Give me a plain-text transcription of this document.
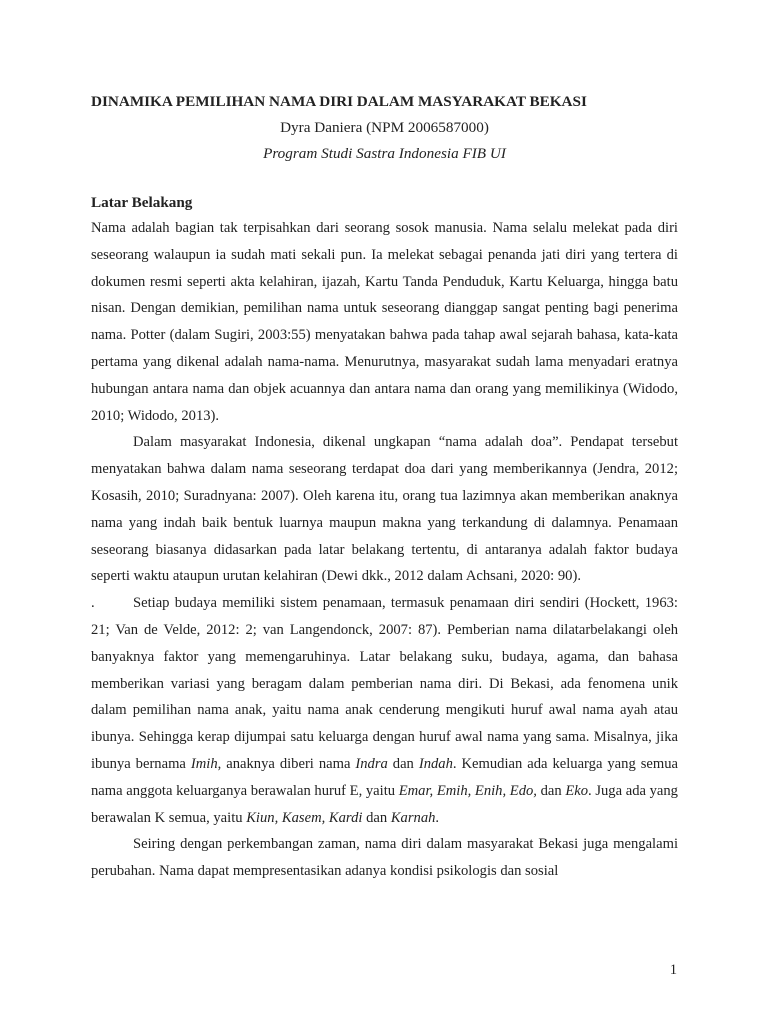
DINAMIKA PEMILIHAN NAMA DIRI DALAM MASYARAKAT BEKASI

Dyra Daniera (NPM 2006587000)

Program Studi Sastra Indonesia FIB UI

Latar Belakang

Nama adalah bagian tak terpisahkan dari seorang sosok manusia. Nama selalu melekat pada diri seseorang walaupun ia sudah mati sekali pun. Ia melekat sebagai penanda jati diri yang tertera di dokumen resmi seperti akta kelahiran, ijazah, Kartu Tanda Penduduk, Kartu Keluarga, hingga batu nisan. Dengan demikian, pemilihan nama untuk seseorang dianggap sangat penting bagi penerima nama. Potter (dalam Sugiri, 2003:55) menyatakan bahwa pada tahap awal sejarah bahasa, kata-kata pertama yang dikenal adalah nama-nama. Menurutnya, masyarakat sudah lama menyadari eratnya hubungan antara nama dan objek acuannya dan antara nama dan orang yang memilikinya (Widodo, 2010; Widodo, 2013).

Dalam masyarakat Indonesia, dikenal ungkapan “nama adalah doa”. Pendapat tersebut menyatakan bahwa dalam nama seseorang terdapat doa dari yang memberikannya (Jendra, 2012; Kosasih, 2010; Suradnyana: 2007). Oleh karena itu, orang tua lazimnya akan memberikan anaknya nama yang indah baik bentuk luarnya maupun makna yang terkandung di dalamnya. Penamaan seseorang biasanya didasarkan pada latar belakang tertentu, di antaranya adalah faktor budaya seperti waktu ataupun urutan kelahiran (Dewi dkk., 2012 dalam Achsani, 2020: 90).

.	Setiap budaya memiliki sistem penamaan, termasuk penamaan diri sendiri (Hockett, 1963: 21; Van de Velde, 2012: 2; van Langendonck, 2007: 87). Pemberian nama dilatarbelakangi oleh banyaknya faktor yang memengaruhinya. Latar belakang suku, budaya, agama, dan bahasa memberikan variasi yang beragam dalam pemberian nama diri. Di Bekasi, ada fenomena unik dalam pemilihan nama anak, yaitu nama anak cenderung mengikuti huruf awal nama ayah atau ibunya. Sehingga kerap dijumpai satu keluarga dengan huruf awal nama yang sama. Misalnya, jika ibunya bernama Imih, anaknya diberi nama Indra dan Indah. Kemudian ada keluarga yang semua nama anggota keluarganya berawalan huruf E, yaitu Emar, Emih, Enih, Edo, dan Eko. Juga ada yang berawalan K semua, yaitu Kiun, Kasem, Kardi dan Karnah.

Seiring dengan perkembangan zaman, nama diri dalam masyarakat Bekasi juga mengalami perubahan. Nama dapat mempresentasikan adanya kondisi psikologis dan sosial

1
